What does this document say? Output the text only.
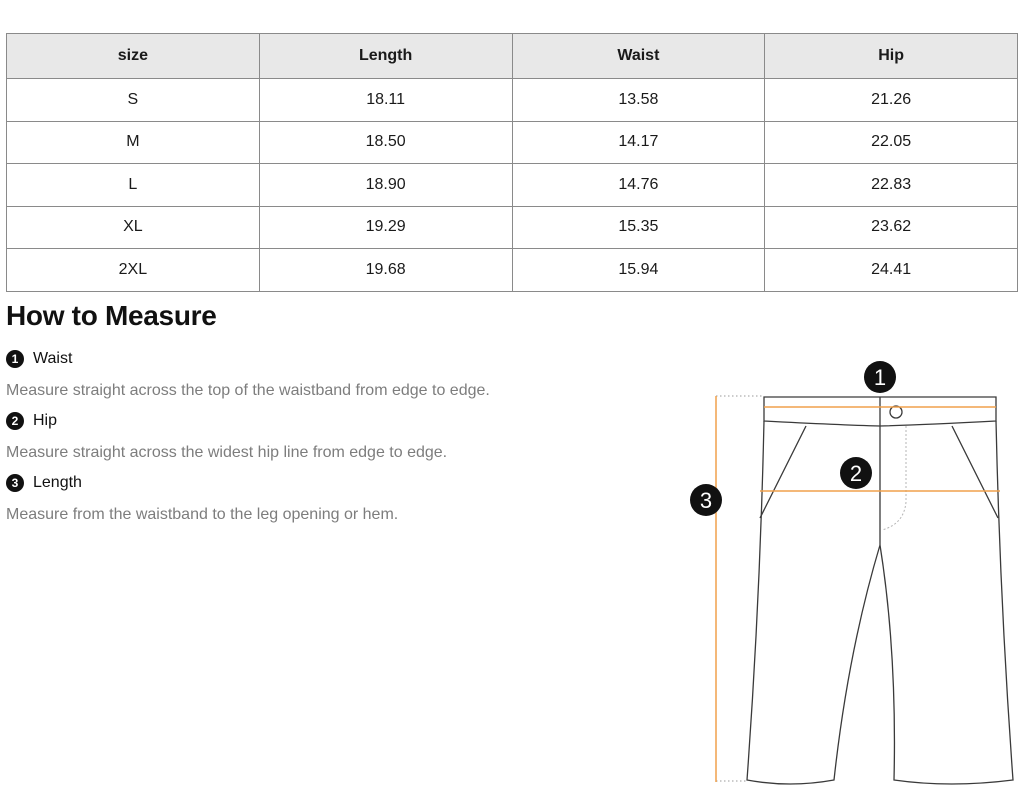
size	Length	Waist	Hip
S	18.11	13.58	21.26
M	18.50	14.17	22.05
L	18.90	14.76	22.83
XL	19.29	15.35	23.62
2XL	19.68	15.94	24.41
How to Measure
1 Waist
Measure straight across the top of the waistband from edge to edge.
2 Hip
Measure straight across the widest hip line from edge to edge.
3 Length
Measure from the waistband to the leg opening or hem.
1
2
3
